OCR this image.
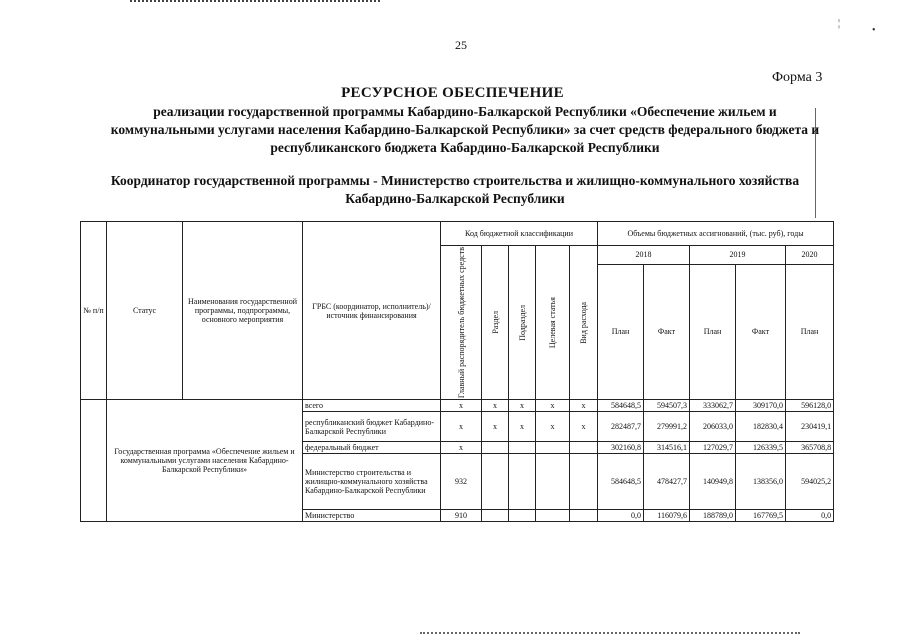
¦
•
25
Форма 3
РЕСУРСНОЕ ОБЕСПЕЧЕНИЕ
реализации государственной программы Кабардино-Балкарской Республики «Обеспечение жильем и коммунальными услугами населения Кабардино-Балкарской Республики» за счет средств федерального бюджета и республиканского бюджета Кабардино-Балкарской Республики
Координатор государственной программы - Министерство строительства и жилищно-коммунального хозяйства Кабардино-Балкарской Республики
№ п/п	Статус	Наименования государственной программы, подпрограммы, основного мероприятия	ГРБС (координатор, исполнитель)/источник финансирования	Код бюджетной классификации					Объемы бюджетных ассигнований, (тыс. руб), годы				

				Главный распорядитель бюджетных средств	Раздел	Подраздел	Целевая статья	Вид расхода	2018		2019		2020
									План	Факт	План	Факт	План
	Государственная программа «Обеспечение жильем и коммунальными услугами населения Кабардино-Балкарской Республики»		всего	x	x	x	x	x	584648,5	594507,3	333062,7	309170,0	596128,0
			республиканский бюджет Кабардино- Балкарской Республики	x	x	x	x	x	282487,7	279991,2	206033,0	182830,4	230419,1
			федеральный бюджет	x					302160,8	314516,1	127029,7	126339,5	365708,8
			Министерство строительства и жилищно-коммунального хозяйства Кабардино-Балкарской Республики	932					584648,5	478427,7	140949,8	138356,0	594025,2
			Министерство	910					0,0	116079,6	188789,0	167769,5	0,0
